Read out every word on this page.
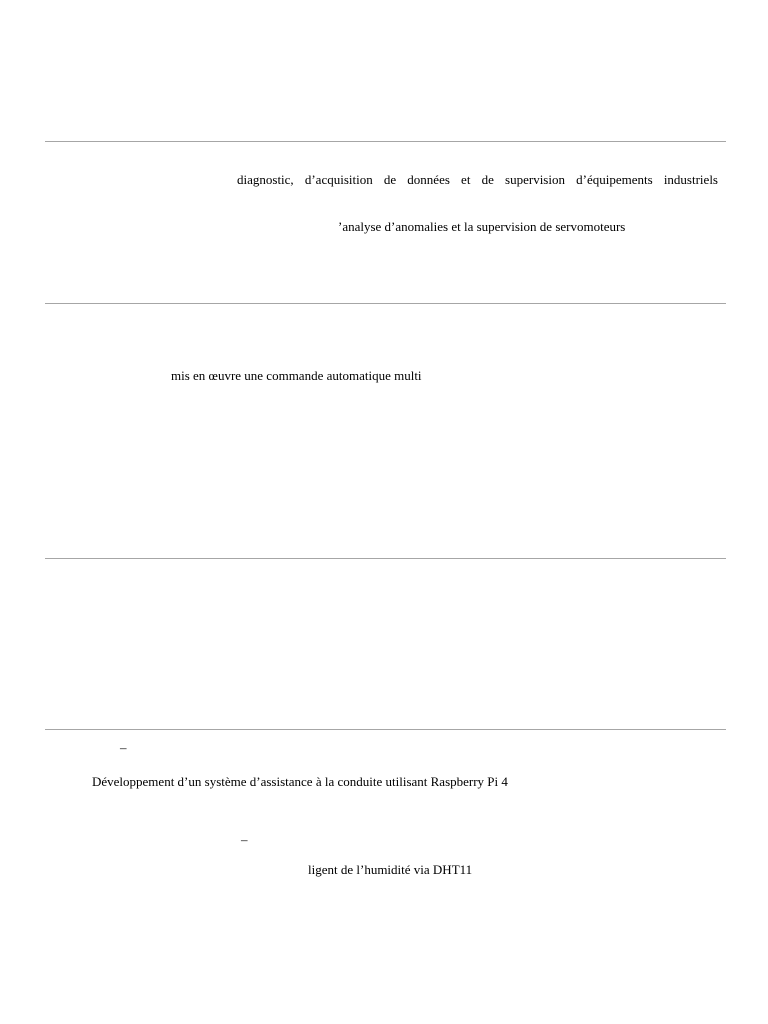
diagnostic, d’acquisition de données et de supervision d’équipements industriels
’analyse d’anomalies et la supervision de servomoteurs
mis en œuvre une commande automatique multi
–
Développement d’un système d’assistance à la conduite utilisant Raspberry Pi 4
–
ligent de l’humidité via DHT11
